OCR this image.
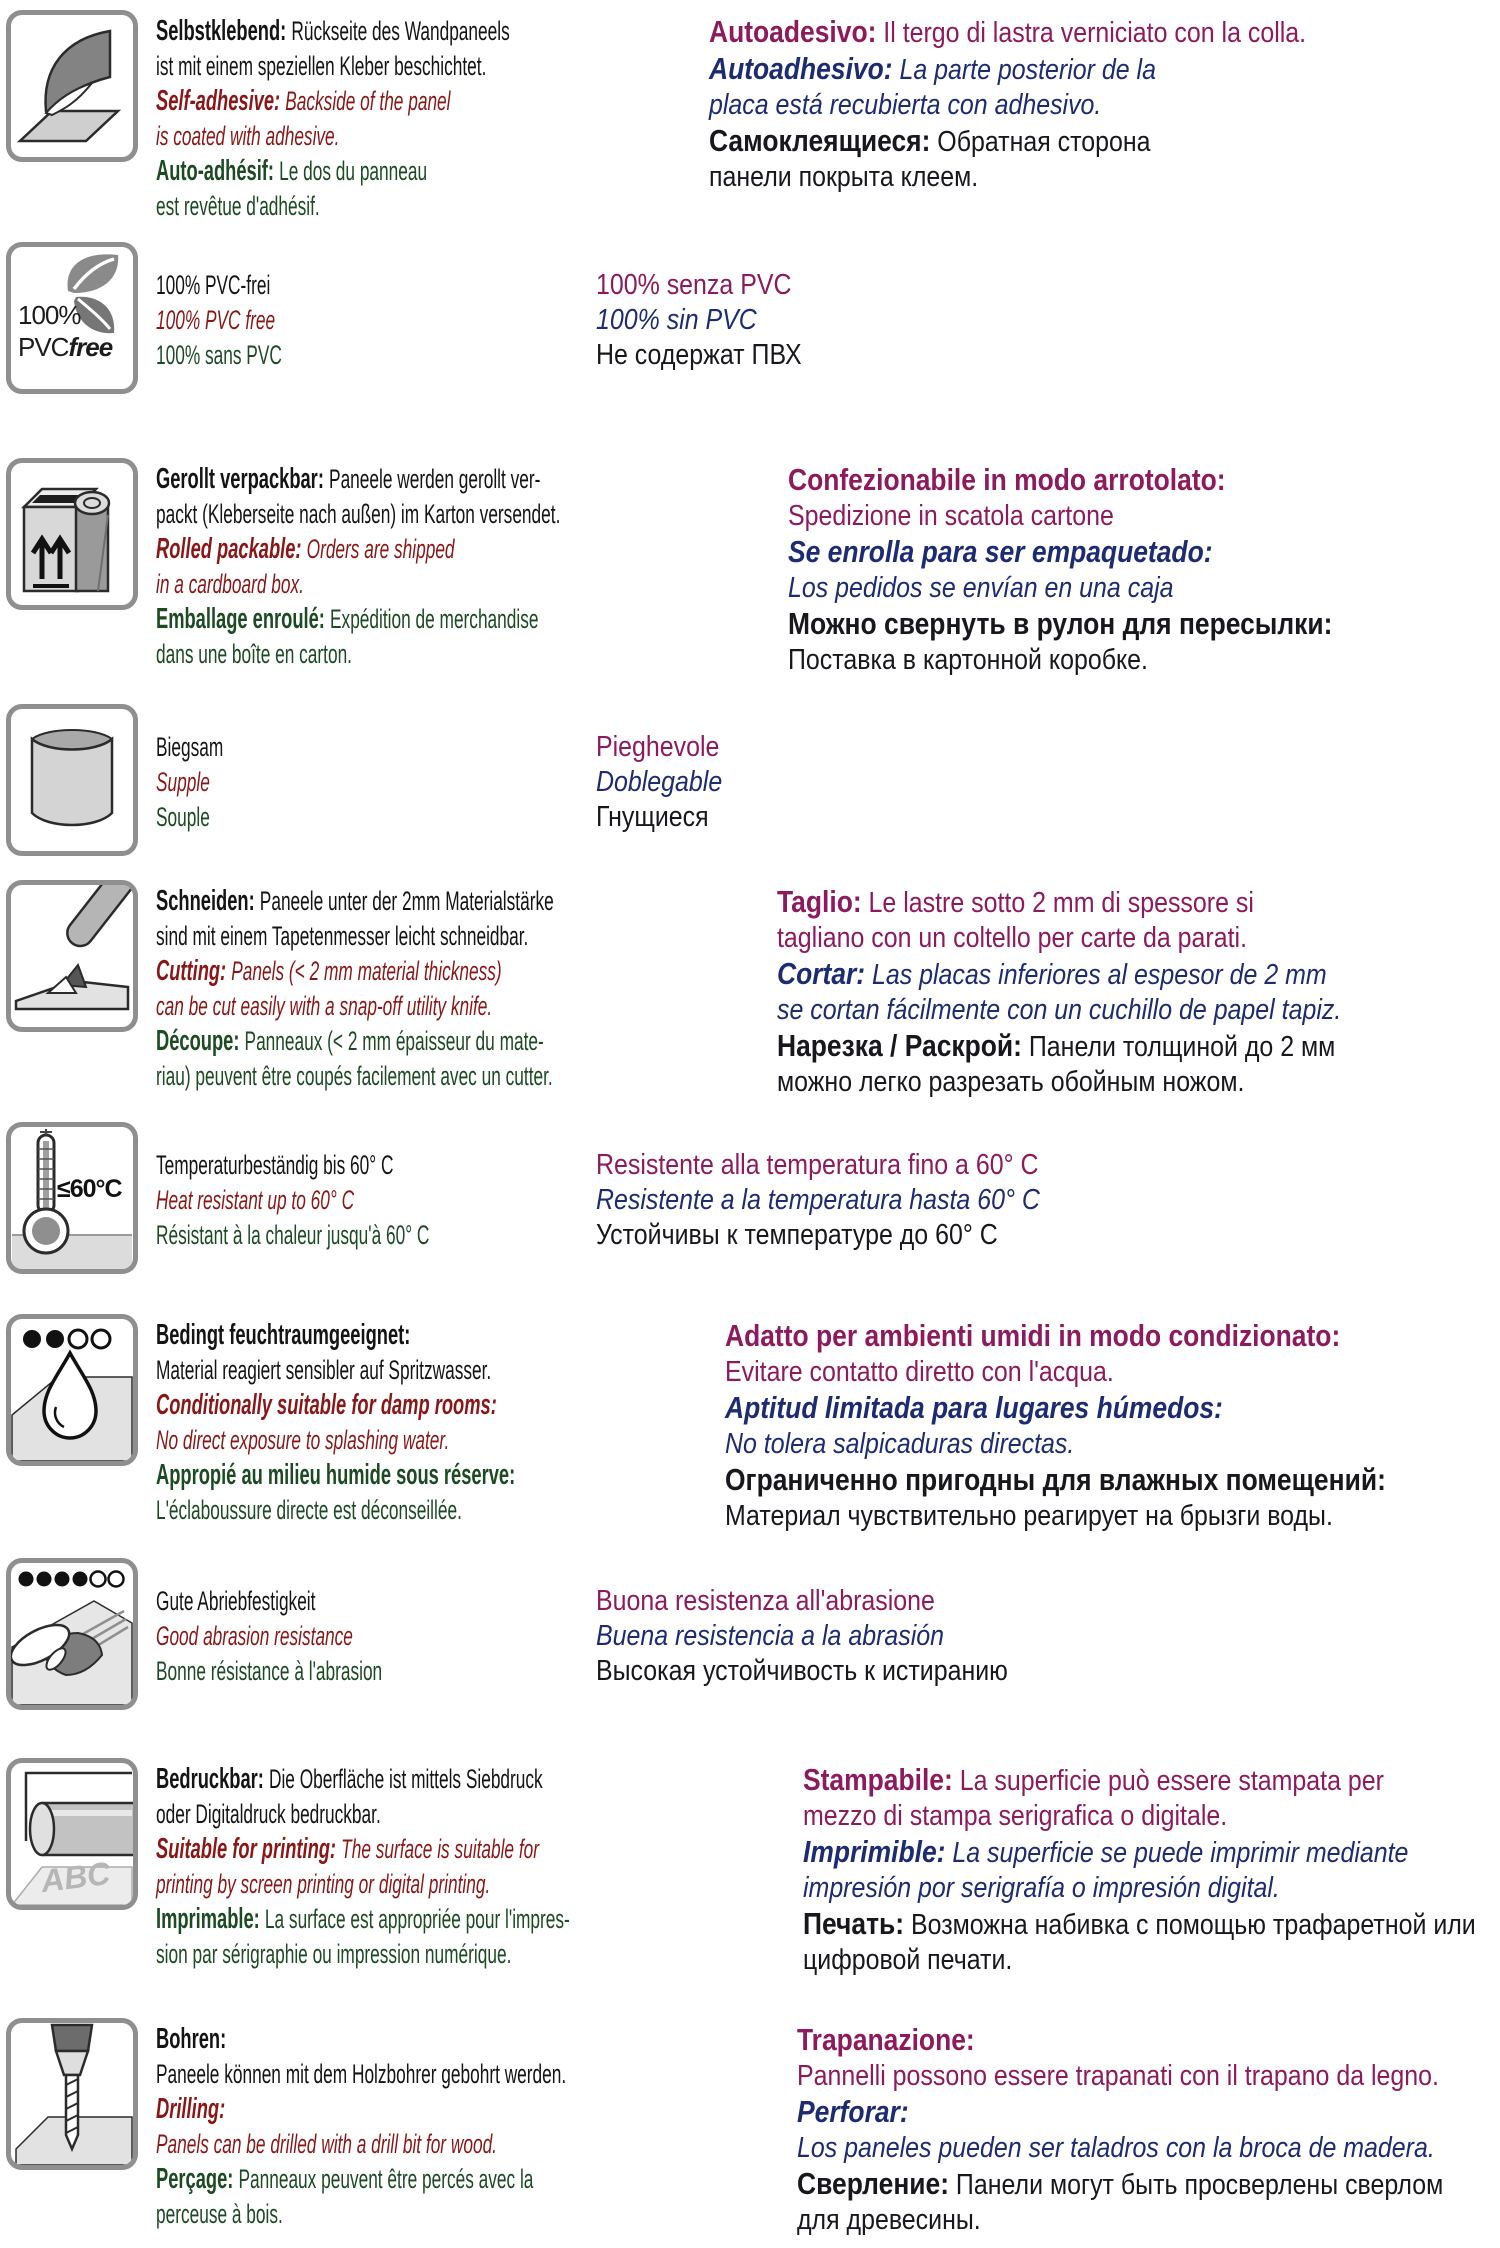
Selbstklebend: Rückseite des Wandpaneels

ist mit einem speziellen Kleber beschichtet.

Self-adhesive: Backside of the panel

is coated with adhesive.

Auto-adhésif: Le dos du panneau

est revêtue d'adhésif.

Autoadesivo: Il tergo di lastra verniciato con la colla.

Autoadhesivo: La parte posterior de la

placa está recubierta con adhesivo.

Самоклеящиеся: Обратная сторона

панели покрыта клеем.

100%
PVCfree

100% PVC-frei

100% PVC free

100% sans PVC

100% senza PVC

100% sin PVC

Не содержат ПВХ

Gerollt verpackbar: Paneele werden gerollt ver-

packt (Kleberseite nach außen) im Karton versendet.

Rolled packable: Orders are shipped

in a cardboard box.

Emballage enroulé: Expédition de merchandise

dans une boîte en carton.

Confezionabile in modo arrotolato:

Spedizione in scatola cartone

Se enrolla para ser empaquetado:

Los pedidos se envían en una caja

Можно свернуть в рулон для пересылки:

Поставка в картонной коробке.

Biegsam

Supple

Souple

Pieghevole

Doblegable

Гнущиеся

Schneiden: Paneele unter der 2mm Materialstärke

sind mit einem Tapetenmesser leicht schneidbar.

Cutting: Panels (< 2 mm material thickness)

can be cut easily with a snap-off utility knife.

Découpe: Panneaux (< 2 mm épaisseur du mate-

riau) peuvent être coupés facilement avec un cutter.

Taglio: Le lastre sotto 2 mm di spessore si

tagliano con un coltello per carte da parati.

Cortar: Las placas inferiores al espesor de 2 mm

se cortan fácilmente con un cuchillo de papel tapiz.

Нарезка / Раскрой: Панели толщиной до 2 мм

можно легко разрезать обойным ножом.

≤60°C

Temperaturbeständig bis 60° C

Heat resistant up to 60° C

Résistant à la chaleur jusqu'à 60° C

Resistente alla temperatura fino a 60° C

Resistente a la temperatura hasta 60° C

Устойчивы к температуре до 60° C

Bedingt feuchtraumgeeignet:

Material reagiert sensibler auf Spritzwasser.

Conditionally suitable for damp rooms:

No direct exposure to splashing water.

Appropié au milieu humide sous réserve:

L'éclaboussure directe est déconseillée.

Adatto per ambienti umidi in modo condizionato:

Evitare contatto diretto con l'acqua.

Aptitud limitada para lugares húmedos:

No tolera salpicaduras directas.

Ограниченно пригодны для влажных помещений:

Материал чувствительно реагирует на брызги воды.

Gute Abriebfestigkeit

Good abrasion resistance

Bonne résistance à l'abrasion

Buona resistenza all'abrasione

Buena resistencia a la abrasión

Высокая устойчивость к истиранию

ABC

Bedruckbar: Die Oberfläche ist mittels Siebdruck

oder Digitaldruck bedruckbar.

Suitable for printing: The surface is suitable for

printing by screen printing or digital printing.

Imprimable: La surface est appropriée pour l'impres-

sion par sérigraphie ou impression numérique.

Stampabile: La superficie può essere stampata per

mezzo di stampa serigrafica o digitale.

Imprimible: La superficie se puede imprimir mediante

impresión por serigrafía o impresión digital.

Печать: Возможна набивка с помощью трафаретной или

цифровой печати.

Bohren:

Paneele können mit dem Holzbohrer gebohrt werden.

Drilling:

Panels can be drilled with a drill bit for wood.

Perçage: Panneaux peuvent être percés avec la

perceuse à bois.

Trapanazione:

Pannelli possono essere trapanati con il trapano da legno.

Perforar:

Los paneles pueden ser taladros con la broca de madera.

Сверление: Панели могут быть просверлены сверлом

для древесины.
